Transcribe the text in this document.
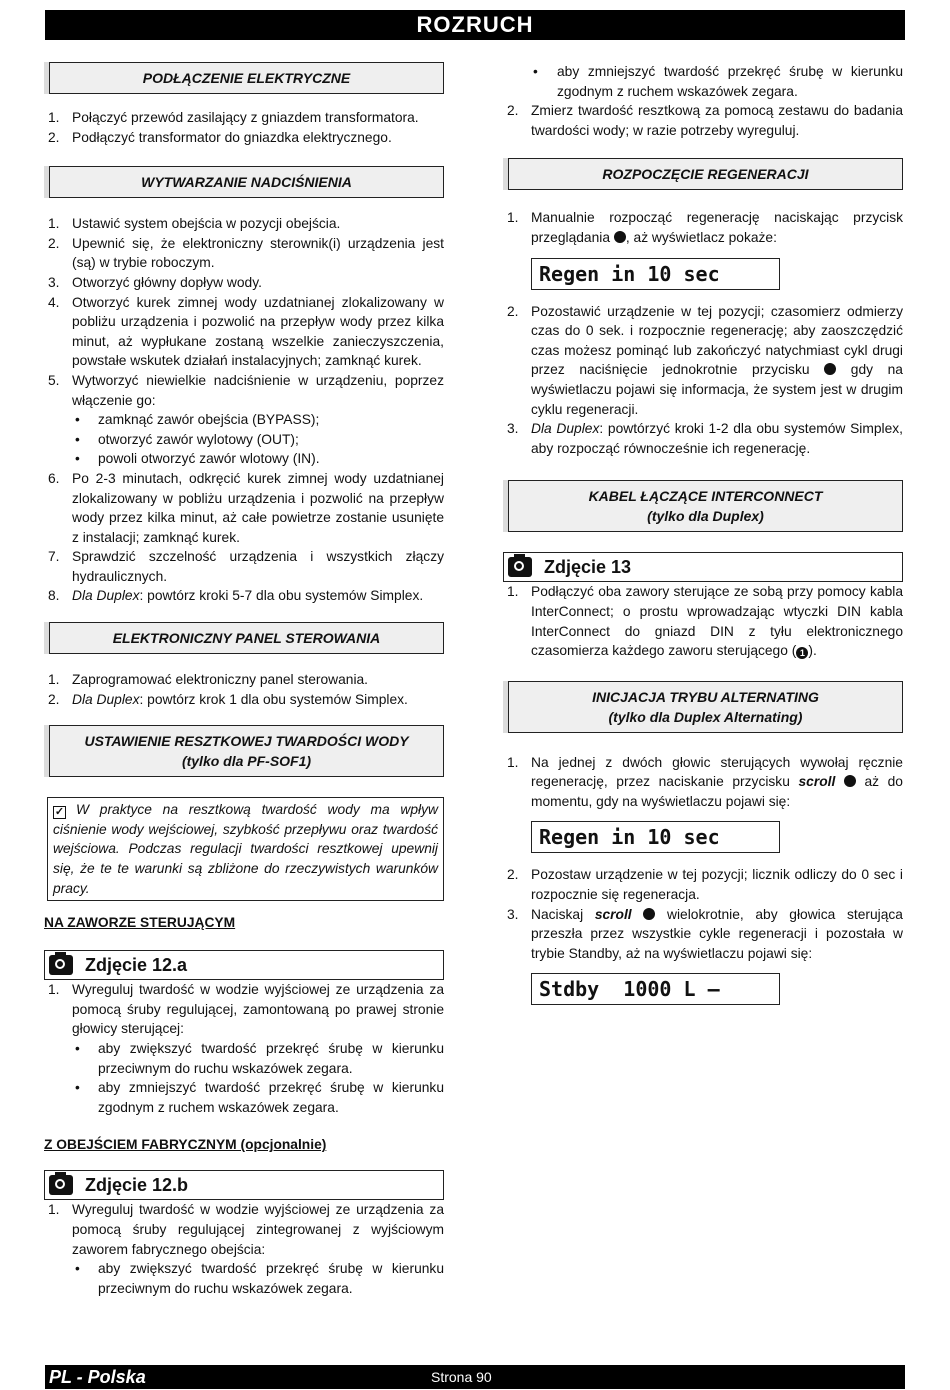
ROZRUCH
PODŁĄCZENIE ELEKTRYCZNE
1. Połączyć przewód zasilający z gniazdem transformatora.
2. Podłączyć transformator do gniazdka elektrycznego.
WYTWARZANIE NADCIŚNIENIA
1. Ustawić system obejścia w pozycji obejścia.
2. Upewnić się, że elektroniczny sterownik(i) urządzenia jest (są) w trybie roboczym.
3. Otworzyć główny dopływ wody.
4. Otworzyć kurek zimnej wody uzdatnianej zlokalizowany w pobliżu urządzenia i pozwolić na przepływ wody przez kilka minut, aż wypłukane zostaną wszelkie zanieczyszczenia, powstałe wskutek działań instalacyjnych; zamknąć kurek.
5. Wytworzyć niewielkie nadciśnienie w urządzeniu, poprzez włączenie go:
• zamknąć zawór obejścia (BYPASS);
• otworzyć zawór wylotowy (OUT);
• powoli otworzyć zawór wlotowy (IN).
6. Po 2-3 minutach, odkręcić kurek zimnej wody uzdatnianej zlokalizowany w pobliżu urządzenia i pozwolić na przepływ wody przez kilka minut, aż całe powietrze zostanie usunięte z instalacji; zamknąć kurek.
7. Sprawdzić szczelność urządzenia i wszystkich złączy hydraulicznych.
8. Dla Duplex: powtórz kroki 5-7 dla obu systemów Simplex.
ELEKTRONICZNY PANEL STEROWANIA
1. Zaprogramować elektroniczny panel sterowania.
2. Dla Duplex: powtórz krok 1 dla obu systemów Simplex.
USTAWIENIE RESZTKOWEJ TWARDOŚCI WODY
(tylko dla PF-SOF1)
✓ W praktyce na resztkową twardość wody ma wpływ ciśnienie wody wejściowej, szybkość przepływu oraz twardość wejściowa. Podczas regulacji twardości resztkowej upewnij się, że te te warunki są zbliżone do rzeczywistych warunków pracy.
NA ZAWORZE STERUJĄCYM
Zdjęcie 12.a
1. Wyreguluj twardość w wodzie wyjściowej ze urządzenia za pomocą śruby regulującej, zamontowaną po prawej stronie głowicy sterującej:
• aby zwiększyć twardość przekręć śrubę w kierunku przeciwnym do ruchu wskazówek zegara.
• aby zmniejszyć twardość przekręć śrubę w kierunku zgodnym z ruchem wskazówek zegara.
Z OBEJŚCIEM FABRYCZNYM (opcjonalnie)
Zdjęcie 12.b
1. Wyreguluj twardość w wodzie wyjściowej ze urządzenia za pomocą śruby regulującej zintegrowanej z wyjściowym zaworem fabrycznego obejścia:
• aby zwiększyć twardość przekręć śrubę w kierunku przeciwnym do ruchu wskazówek zegara.
• aby zmniejszyć twardość przekręć śrubę w kierunku zgodnym z ruchem wskazówek zegara.
2. Zmierz twardość resztkową za pomocą zestawu do badania twardości wody; w razie potrzeby wyreguluj.
ROZPOCZĘCIE REGENERACJI
1. Manualnie rozpocząć regenerację naciskając przycisk przeglądania , aż wyświetlacz pokaże:
Regen in 10 sec
2. Pozostawić urządzenie w tej pozycji; czasomierz odmierzy czas do 0 sek. i rozpocznie regenerację; aby zaoszczędzić czas możesz pominąć lub zakończyć natychmiast cykl drugi przez naciśnięcie jednokrotnie przycisku	gdy na wyświetlaczu pojawi się informacja, że system jest w drugim cyklu regeneracji.
3. Dla Duplex: powtórzyć kroki 1-2 dla obu systemów Simplex, aby rozpocząć równocześnie ich regenerację.
KABEL ŁĄCZĄCE INTERCONNECT
(tylko dla Duplex)
Zdjęcie 13
1. Podłączyć oba zawory sterujące ze sobą przy pomocy kabla InterConnect; o prostu wprowadzając wtyczki DIN kabla InterConnect do gniazd DIN z tyłu elektronicznego czasomierza każdego zaworu sterującego ( 1 ).
INICJACJA TRYBU ALTERNATING
(tylko dla Duplex Alternating)
1. Na jednej z dwóch głowic sterujących wywołaj ręcznie regenerację, przez naciskanie przycisku scroll aż do momentu, gdy na wyświetlaczu pojawi się:
Regen in 10 sec
2. Pozostaw urządzenie w tej pozycji; licznik odliczy do 0 sec i rozpocznie się regeneracja.
3. Naciskaj scroll	wielokrotnie, aby głowica sterująca przeszła przez wszystkie cykle regeneracji i pozostała w trybie Standby, aż na wyświetlaczu pojawi się:
Stdby  1000 L –
PL - Polska	Strona 90
